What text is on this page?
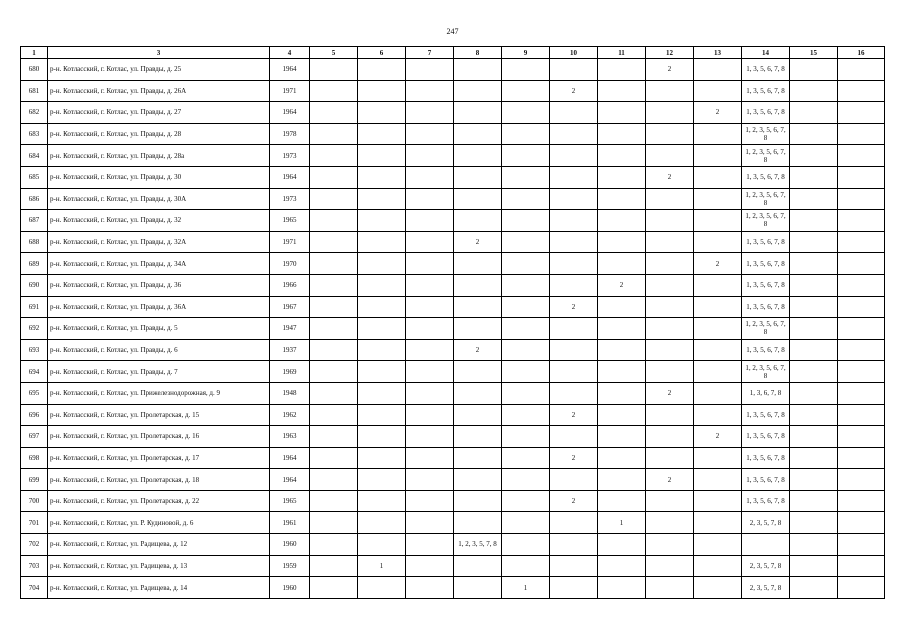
247
1	3	4	5	6	7	8	9	10	11	12	13	14	15	16
680	р-н. Котласский, г. Котлас, ул. Правды, д. 25	1964								2		1, 3, 5, 6, 7, 8		
681	р-н. Котласский, г. Котлас, ул. Правды, д. 26А	1971						2				1, 3, 5, 6, 7, 8		
682	р-н. Котласский, г. Котлас, ул. Правды, д. 27	1964									2	1, 3, 5, 6, 7, 8		
683	р-н. Котласский, г. Котлас, ул. Правды, д. 28	1978										1, 2, 3, 5, 6, 7, 8		
684	р-н. Котласский, г. Котлас, ул. Правды, д. 28а	1973										1, 2, 3, 5, 6, 7, 8		
685	р-н. Котласский, г. Котлас, ул. Правды, д. 30	1964								2		1, 3, 5, 6, 7, 8		
686	р-н. Котласский, г. Котлас, ул. Правды, д. 30А	1973										1, 2, 3, 5, 6, 7, 8		
687	р-н. Котласский, г. Котлас, ул. Правды, д. 32	1965										1, 2, 3, 5, 6, 7, 8		
688	р-н. Котласский, г. Котлас, ул. Правды, д. 32А	1971				2						1, 3, 5, 6, 7, 8		
689	р-н. Котласский, г. Котлас, ул. Правды, д. 34А	1970									2	1, 3, 5, 6, 7, 8		
690	р-н. Котласский, г. Котлас, ул. Правды, д. 36	1966							2			1, 3, 5, 6, 7, 8		
691	р-н. Котласский, г. Котлас, ул. Правды, д. 36А	1967						2				1, 3, 5, 6, 7, 8		
692	р-н. Котласский, г. Котлас, ул. Правды, д. 5	1947										1, 2, 3, 5, 6, 7, 8		
693	р-н. Котласский, г. Котлас, ул. Правды, д. 6	1937				2						1, 3, 5, 6, 7, 8		
694	р-н. Котласский, г. Котлас, ул. Правды, д. 7	1969										1, 2, 3, 5, 6, 7, 8		
695	р-н. Котласский, г. Котлас, ул. Прижелезнодорожная, д. 9	1948								2		1, 3, 6, 7, 8		
696	р-н. Котласский, г. Котлас, ул. Пролетарская, д. 15	1962						2				1, 3, 5, 6, 7, 8		
697	р-н. Котласский, г. Котлас, ул. Пролетарская, д. 16	1963									2	1, 3, 5, 6, 7, 8		
698	р-н. Котласский, г. Котлас, ул. Пролетарская, д. 17	1964						2				1, 3, 5, 6, 7, 8		
699	р-н. Котласский, г. Котлас, ул. Пролетарская, д. 18	1964								2		1, 3, 5, 6, 7, 8		
700	р-н. Котласский, г. Котлас, ул. Пролетарская, д. 22	1965						2				1, 3, 5, 6, 7, 8		
701	р-н. Котласский, г. Котлас, ул. Р. Кудиновой, д. 6	1961							1			2, 3, 5, 7, 8		
702	р-н. Котласский, г. Котлас, ул. Радищева, д. 12	1960				1, 2, 3, 5, 7, 8								
703	р-н. Котласский, г. Котлас, ул. Радищева, д. 13	1959		1								2, 3, 5, 7, 8		
704	р-н. Котласский, г. Котлас, ул. Радищева, д. 14	1960					1					2, 3, 5, 7, 8		
